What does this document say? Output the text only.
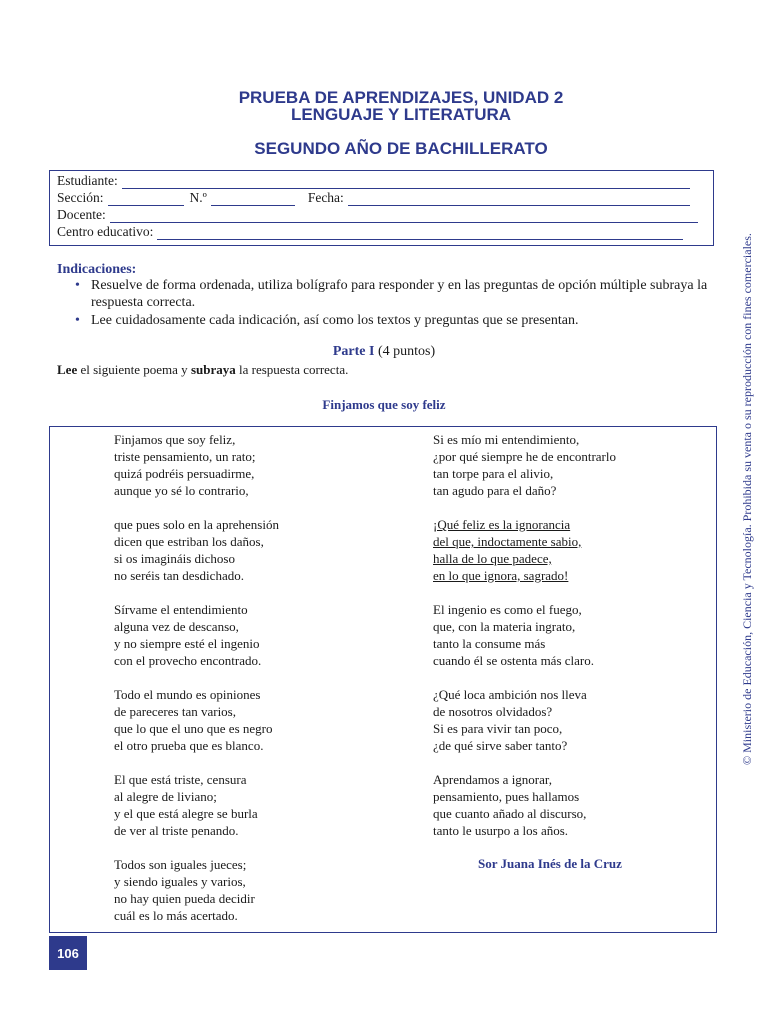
PRUEBA DE APRENDIZAJES, UNIDAD 2
LENGUAJE Y LITERATURA
SEGUNDO AÑO DE BACHILLERATO
© Ministerio de Educación, Ciencia y Tecnología. Prohibida su venta o su reproducción con fines comerciales.
Estudiante:
Sección:	N.º	Fecha:
Docente:
Centro educativo:
Indicaciones:
• Resuelve de forma ordenada, utiliza bolígrafo para responder y en las preguntas de opción múltiple subraya la respuesta correcta.
• Lee cuidadosamente cada indicación, así como los textos y preguntas que se presentan.
Parte I (4 puntos)
Lee el siguiente poema y subraya la respuesta correcta.
Finjamos que soy feliz
Finjamos que soy feliz,
triste pensamiento, un rato;
quizá podréis persuadirme,
aunque yo sé lo contrario,
que pues solo en la aprehensión
dicen que estriban los daños,
si os imagináis dichoso
no seréis tan desdichado.
Sírvame el entendimiento
alguna vez de descanso,
y no siempre esté el ingenio
con el provecho encontrado.
Todo el mundo es opiniones
de pareceres tan varios,
que lo que el uno que es negro
el otro prueba que es blanco.
El que está triste, censura
al alegre de liviano;
y el que está alegre se burla
de ver al triste penando.
Todos son iguales jueces;
y siendo iguales y varios,
no hay quien pueda decidir
cuál es lo más acertado.
Si es mío mi entendimiento,
¿por qué siempre he de encontrarlo
tan torpe para el alivio,
tan agudo para el daño?
¡Qué feliz es la ignorancia
del que, indoctamente sabio,
halla de lo que padece,
en lo que ignora, sagrado!
El ingenio es como el fuego,
que, con la materia ingrato,
tanto la consume más
cuando él se ostenta más claro.
¿Qué loca ambición nos lleva
de nosotros olvidados?
Si es para vivir tan poco,
¿de qué sirve saber tanto?
Aprendamos a ignorar,
pensamiento, pues hallamos
que cuanto añado al discurso,
tanto le usurpo a los años.
Sor Juana Inés de la Cruz
106
